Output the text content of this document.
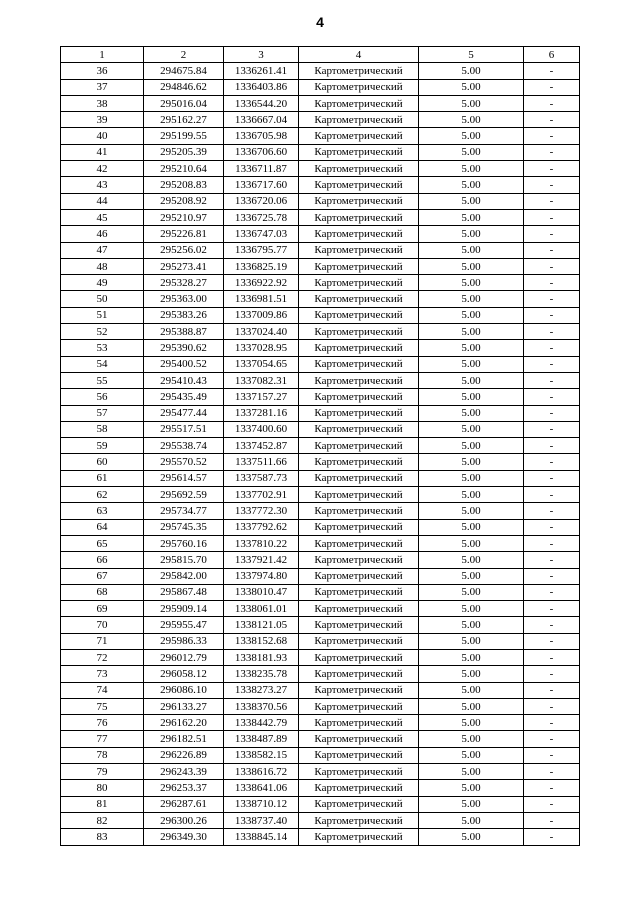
4
1	2	3	4	5	6
36	294675.84	1336261.41	Картометрический	5.00	-
37	294846.62	1336403.86	Картометрический	5.00	-
38	295016.04	1336544.20	Картометрический	5.00	-
39	295162.27	1336667.04	Картометрический	5.00	-
40	295199.55	1336705.98	Картометрический	5.00	-
41	295205.39	1336706.60	Картометрический	5.00	-
42	295210.64	1336711.87	Картометрический	5.00	-
43	295208.83	1336717.60	Картометрический	5.00	-
44	295208.92	1336720.06	Картометрический	5.00	-
45	295210.97	1336725.78	Картометрический	5.00	-
46	295226.81	1336747.03	Картометрический	5.00	-
47	295256.02	1336795.77	Картометрический	5.00	-
48	295273.41	1336825.19	Картометрический	5.00	-
49	295328.27	1336922.92	Картометрический	5.00	-
50	295363.00	1336981.51	Картометрический	5.00	-
51	295383.26	1337009.86	Картометрический	5.00	-
52	295388.87	1337024.40	Картометрический	5.00	-
53	295390.62	1337028.95	Картометрический	5.00	-
54	295400.52	1337054.65	Картометрический	5.00	-
55	295410.43	1337082.31	Картометрический	5.00	-
56	295435.49	1337157.27	Картометрический	5.00	-
57	295477.44	1337281.16	Картометрический	5.00	-
58	295517.51	1337400.60	Картометрический	5.00	-
59	295538.74	1337452.87	Картометрический	5.00	-
60	295570.52	1337511.66	Картометрический	5.00	-
61	295614.57	1337587.73	Картометрический	5.00	-
62	295692.59	1337702.91	Картометрический	5.00	-
63	295734.77	1337772.30	Картометрический	5.00	-
64	295745.35	1337792.62	Картометрический	5.00	-
65	295760.16	1337810.22	Картометрический	5.00	-
66	295815.70	1337921.42	Картометрический	5.00	-
67	295842.00	1337974.80	Картометрический	5.00	-
68	295867.48	1338010.47	Картометрический	5.00	-
69	295909.14	1338061.01	Картометрический	5.00	-
70	295955.47	1338121.05	Картометрический	5.00	-
71	295986.33	1338152.68	Картометрический	5.00	-
72	296012.79	1338181.93	Картометрический	5.00	-
73	296058.12	1338235.78	Картометрический	5.00	-
74	296086.10	1338273.27	Картометрический	5.00	-
75	296133.27	1338370.56	Картометрический	5.00	-
76	296162.20	1338442.79	Картометрический	5.00	-
77	296182.51	1338487.89	Картометрический	5.00	-
78	296226.89	1338582.15	Картометрический	5.00	-
79	296243.39	1338616.72	Картометрический	5.00	-
80	296253.37	1338641.06	Картометрический	5.00	-
81	296287.61	1338710.12	Картометрический	5.00	-
82	296300.26	1338737.40	Картометрический	5.00	-
83	296349.30	1338845.14	Картометрический	5.00	-
